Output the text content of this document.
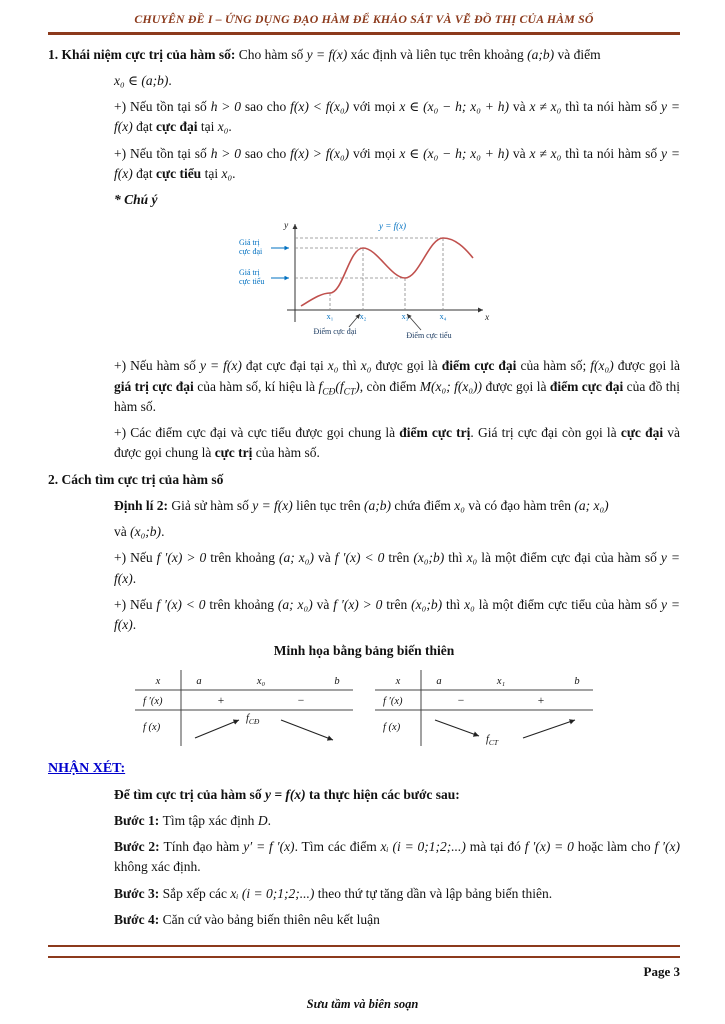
CHUYÊN ĐỀ I – ỨNG DỤNG ĐẠO HÀM ĐỂ KHẢO SÁT VÀ VẼ ĐỒ THỊ CỦA HÀM SỐ

1. Khái niệm cực trị của hàm số: Cho hàm số y = f(x) xác định và liên tục trên khoảng (a;b) và điểm

x₀ ∈ (a;b).

+) Nếu tồn tại số h > 0 sao cho f(x) < f(x₀) với mọi x ∈ (x₀ − h; x₀ + h) và x ≠ x₀ thì ta nói hàm số y = f(x) đạt cực đại tại x₀.

+) Nếu tồn tại số h > 0 sao cho f(x) > f(x₀) với mọi x ∈ (x₀ − h; x₀ + h) và x ≠ x₀ thì ta nói hàm số y = f(x) đạt cực tiểu tại x₀.

* Chú ý

y
x
y = f(x)
Giá trị
cực đại
Giá trị
cực tiểu
x₁	x₂	x₃	x₄
Điểm cực đại	Điểm cực tiểu

+) Nếu hàm số y = f(x) đạt cực đại tại x₀ thì x₀ được gọi là điểm cực đại của hàm số; f(x₀) được gọi là giá trị cực đại của hàm số, kí hiệu là $f_{CĐ}(f_{CT})$, còn điểm M(x₀; f(x₀)) được gọi là điểm cực đại của đồ thị hàm số.

+) Các điểm cực đại và cực tiểu được gọi chung là điểm cực trị. Giá trị cực đại còn gọi là cực đại và được gọi chung là cực trị của hàm số.

2. Cách tìm cực trị của hàm số

Định lí 2: Giả sử hàm số y = f(x) liên tục trên (a;b) chứa điểm x₀ và có đạo hàm trên (a; x₀)

và (x₀;b).

+) Nếu f ′(x) > 0 trên khoảng (a; x₀) và f ′(x) < 0 trên (x₀;b) thì x₀ là một điểm cực đại của hàm số y = f(x).

+) Nếu f ′(x) < 0 trên khoảng (a; x₀) và f ′(x) > 0 trên (x₀;b) thì x₀ là một điểm cực tiểu của hàm số y = f(x).

Minh họa bằng bảng biến thiên

x	a	x₀	b
f ′(x)	+	−
f (x)
$f_{CĐ}$
x	a	x₁	b
f ′(x)	−	+
f (x)
$f_{CT}$

NHẬN XÉT:

Để tìm cực trị của hàm số y = f(x) ta thực hiện các bước sau:

Bước 1: Tìm tập xác định D.

Bước 2: Tính đạo hàm y′ = f ′(x). Tìm các điểm xᵢ (i = 0;1;2;...) mà tại đó f ′(x) = 0 hoặc làm cho f ′(x) không xác định.

Bước 3: Sắp xếp các xᵢ (i = 0;1;2;...) theo thứ tự tăng dần và lập bảng biến thiên.

Bước 4: Căn cứ vào bảng biến thiên nêu kết luận

Page 3
Sưu tầm và biên soạn
